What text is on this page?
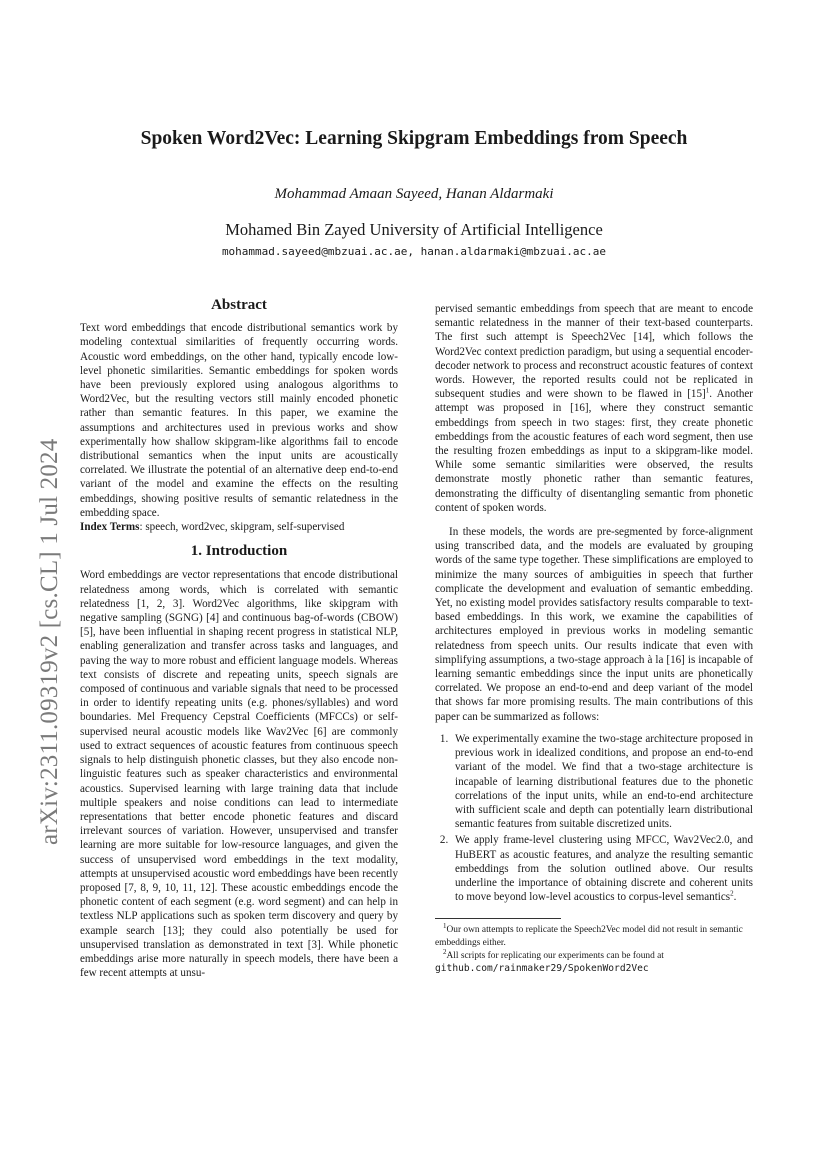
arXiv:2311.09319v2 [cs.CL] 1 Jul 2024
Spoken Word2Vec: Learning Skipgram Embeddings from Speech
Mohammad Amaan Sayeed, Hanan Aldarmaki
Mohamed Bin Zayed University of Artificial Intelligence
mohammad.sayeed@mbzuai.ac.ae, hanan.aldarmaki@mbzuai.ac.ae
Abstract

Text word embeddings that encode distributional semantics work by modeling contextual similarities of frequently occurring words. Acoustic word embeddings, on the other hand, typically encode low-level phonetic similarities. Semantic embeddings for spoken words have been previously explored using analogous algorithms to Word2Vec, but the resulting vectors still mainly encoded phonetic rather than semantic features. In this paper, we examine the assumptions and architectures used in previous works and show experimentally how shallow skipgram-like algorithms fail to encode distributional semantics when the input units are acoustically correlated. We illustrate the potential of an alternative deep end-to-end variant of the model and examine the effects on the resulting embeddings, showing positive results of semantic relatedness in the embedding space.

Index Terms: speech, word2vec, skipgram, self-supervised

1. Introduction

Word embeddings are vector representations that encode distributional relatedness among words, which is correlated with semantic relatedness [1, 2, 3]. Word2Vec algorithms, like skipgram with negative sampling (SGNG) [4] and continuous bag-of-words (CBOW) [5], have been influential in shaping recent progress in statistical NLP, enabling generalization and transfer across tasks and languages, and paving the way to more robust and efficient language models. Whereas text consists of discrete and repeating units, speech signals are composed of continuous and variable signals that need to be processed in order to identify repeating units (e.g. phones/syllables) and word boundaries. Mel Frequency Cepstral Coefficients (MFCCs) or self-supervised neural acoustic models like Wav2Vec [6] are commonly used to extract sequences of acoustic features from continuous speech signals to help distinguish phonetic classes, but they also encode non-linguistic features such as speaker characteristics and environmental acoustics. Supervised learning with large training data that include multiple speakers and noise conditions can lead to intermediate representations that better encode phonetic features and discard irrelevant sources of variation. However, unsupervised and transfer learning are more suitable for low-resource languages, and given the success of unsupervised word embeddings in the text modality, attempts at unsupervised acoustic word embeddings have been recently proposed [7, 8, 9, 10, 11, 12]. These acoustic embeddings encode the phonetic content of each segment (e.g. word segment) and can help in textless NLP applications such as spoken term discovery and query by example search [13]; they could also potentially be used for unsupervised translation as demonstrated in text [3]. While phonetic embeddings arise more naturally in speech models, there have been a few recent attempts at unsu-

pervised semantic embeddings from speech that are meant to encode semantic relatedness in the manner of their text-based counterparts. The first such attempt is Speech2Vec [14], which follows the Word2Vec context prediction paradigm, but using a sequential encoder-decoder network to process and reconstruct acoustic features of context words. However, the reported results could not be replicated in subsequent studies and were shown to be flawed in $[15]^1$. Another attempt was proposed in [16], where they construct semantic embeddings from speech in two stages: first, they create phonetic embeddings from the acoustic features of each word segment, then use the resulting frozen embeddings as input to a skipgram-like model. While some semantic similarities were observed, the results demonstrate mostly phonetic rather than semantic features, demonstrating the difficulty of disentangling semantic from phonetic content of spoken words.

In these models, the words are pre-segmented by force-alignment using transcribed data, and the models are evaluated by grouping words of the same type together. These simplifications are employed to minimize the many sources of ambiguities in speech that further complicate the development and evaluation of semantic embedding. Yet, no existing model provides satisfactory results comparable to text-based embeddings. In this work, we examine the capabilities of architectures employed in previous works in modeling semantic relatedness from speech units. Our results indicate that even with simplifying assumptions, a two-stage approach à la [16] is incapable of learning semantic embeddings since the input units are phonetically correlated. We propose an end-to-end and deep variant of the model that shows far more promising results. The main contributions of this paper can be summarized as follows:

1. We experimentally examine the two-stage architecture proposed in previous work in idealized conditions, and propose an end-to-end variant of the model. We find that a two-stage architecture is incapable of learning distributional features due to the phonetic correlations of the input units, while an end-to-end architecture with sufficient scale and depth can potentially learn distributional semantic features from suitable discretized units.
2. We apply frame-level clustering using MFCC, Wav2Vec2.0, and HuBERT as acoustic features, and analyze the resulting semantic embeddings from the solution outlined above. Our results underline the importance of obtaining discrete and coherent units to move beyond low-level acoustics to corpus-level semantics$^2$.

$^1$Our own attempts to replicate the Speech2Vec model did not result in semantic embeddings either.

$^2$All scripts for replicating our experiments can be found at
github.com/rainmaker29/SpokenWord2Vec
